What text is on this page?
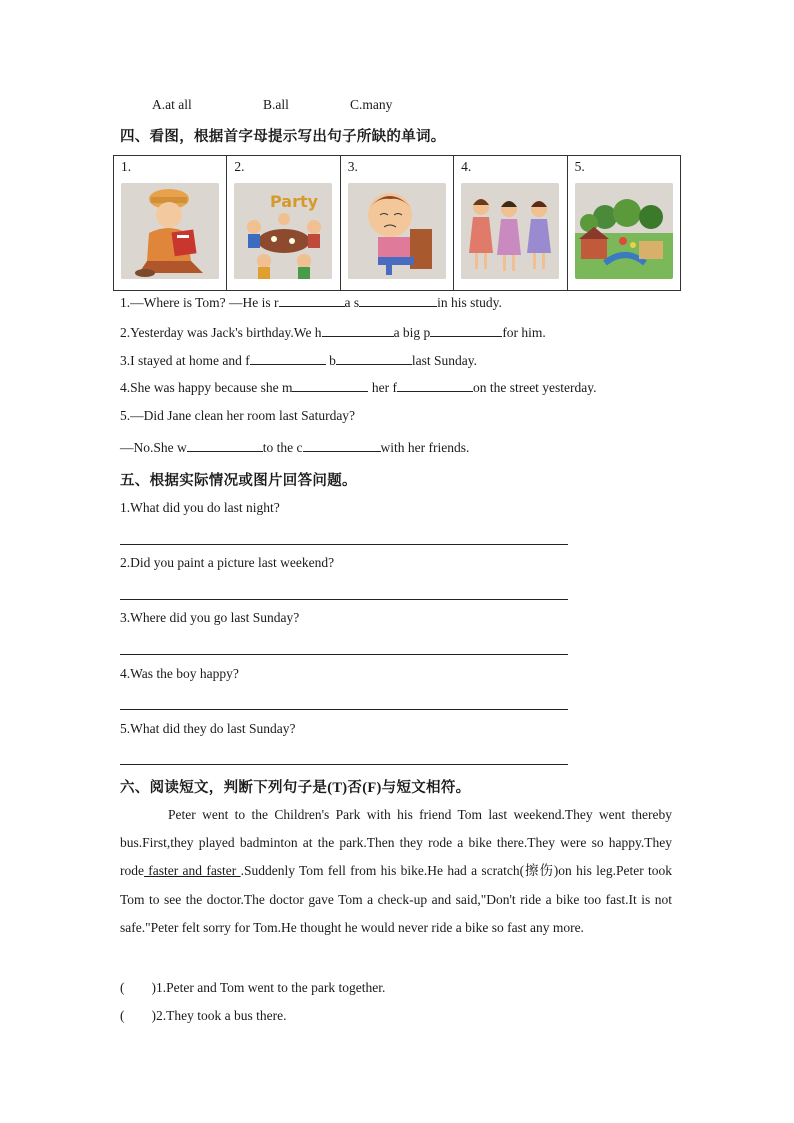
A.at all	B.all	C.many
四、看图，根据首字母提示写出句子所缺的单词。
1.	2.
Party

3.	4.	5.
1.—Where is Tom? —He is r	a s	in his study.
2.Yesterday was Jack's birthday.We h	a big p	for him.
3.I stayed at home and f	b	last Sunday.
4.She was happy because she m	her f	on the street yesterday.
5.—Did Jane clean her room last Saturday?
—No.She w	to the c	with her friends.
五、根据实际情况或图片回答问题。
1.What did you do last night?
2.Did you paint a picture last weekend?
3.Where did you go last Sunday?
4.Was the boy happy?
5.What did they do last Sunday?
六、阅读短文，判断下列句子是(T)否(F)与短文相符。
Peter went to the Children's Park with his friend Tom last weekend.They went thereby bus.First,they played badminton at the park.Then they rode a bike there.They were so happy.They rode faster and faster .Suddenly Tom fell from his bike.He had a scratch(擦伤)on his leg.Peter took Tom to see the doctor.The doctor gave Tom a check-up and said,"Don't ride a bike too fast.It is not safe."Peter felt sorry for Tom.He thought he would never ride a bike so fast any more.
(　　)1.Peter and Tom went to the park together.
(　　)2.They took a bus there.
